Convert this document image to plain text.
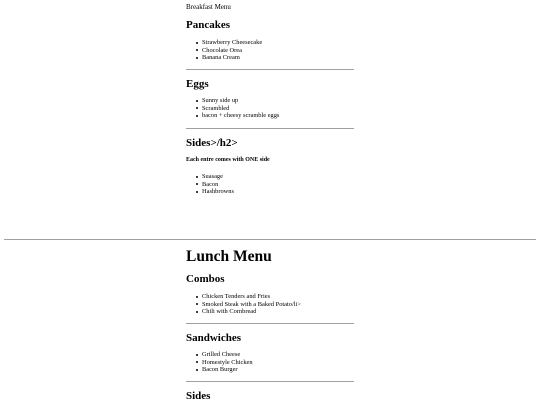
Breakfast Menu
Pancakes
Strawberry Cheesecake
Chocolate Orea
Banana Cream
Eggs
Sunny side up
Scrambled
bacon + cheesy scramble eggs
Sides>/h2>

Each entre comes with ONE side

Suasage
Bacon
Hashbrowns
Lunch Menu
Combos
Chicken Tenders and Fries
Smoked Steak with a Baked Potato/li>
Chili with Cornbread
Sandwiches
Grilled Cheese
Homestyle Chicken
Bacon Burger
Sides
